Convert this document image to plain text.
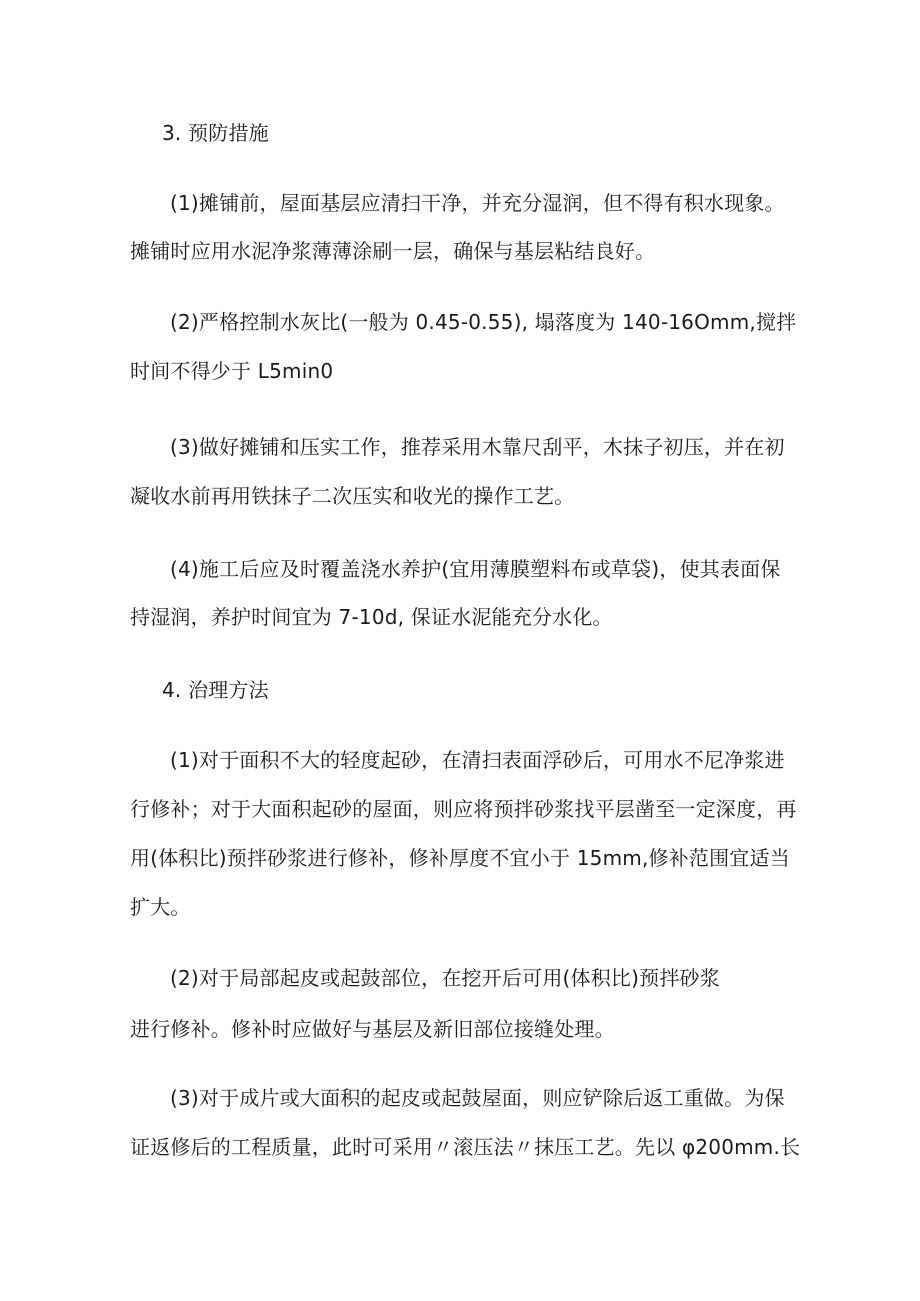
3. 预防措施

(1)摊铺前，屋面基层应清扫干净，并充分湿润，但不得有积水现象。

摊铺时应用水泥净浆薄薄涂刷一层，确保与基层粘结良好。

(2)严格控制水灰比(一般为 0.45-0.55), 塌落度为 140-16Omm,搅拌

时间不得少于 L5min0

(3)做好摊铺和压实工作，推荐采用木靠尺刮平，木抹子初压，并在初

凝收水前再用铁抹子二次压实和收光的操作工艺。

(4)施工后应及时覆盖浇水养护(宜用薄膜塑料布或草袋)，使其表面保

持湿润，养护时间宜为 7-10d, 保证水泥能充分水化。

4. 治理方法

(1)对于面积不大的轻度起砂，在清扫表面浮砂后，可用水不尼净浆进

行修补；对于大面积起砂的屋面，则应将预拌砂浆找平层凿至一定深度，再

用(体积比)预拌砂浆进行修补，修补厚度不宜小于 15mm,修补范围宜适当

扩大。

(2)对于局部起皮或起鼓部位，在挖开后可用(体积比)预拌砂浆

进行修补。修补时应做好与基层及新旧部位接缝处理。

(3)对于成片或大面积的起皮或起鼓屋面，则应铲除后返工重做。为保

证返修后的工程质量，此时可采用〃滚压法〃抹压工艺。先以 φ200mm.长
